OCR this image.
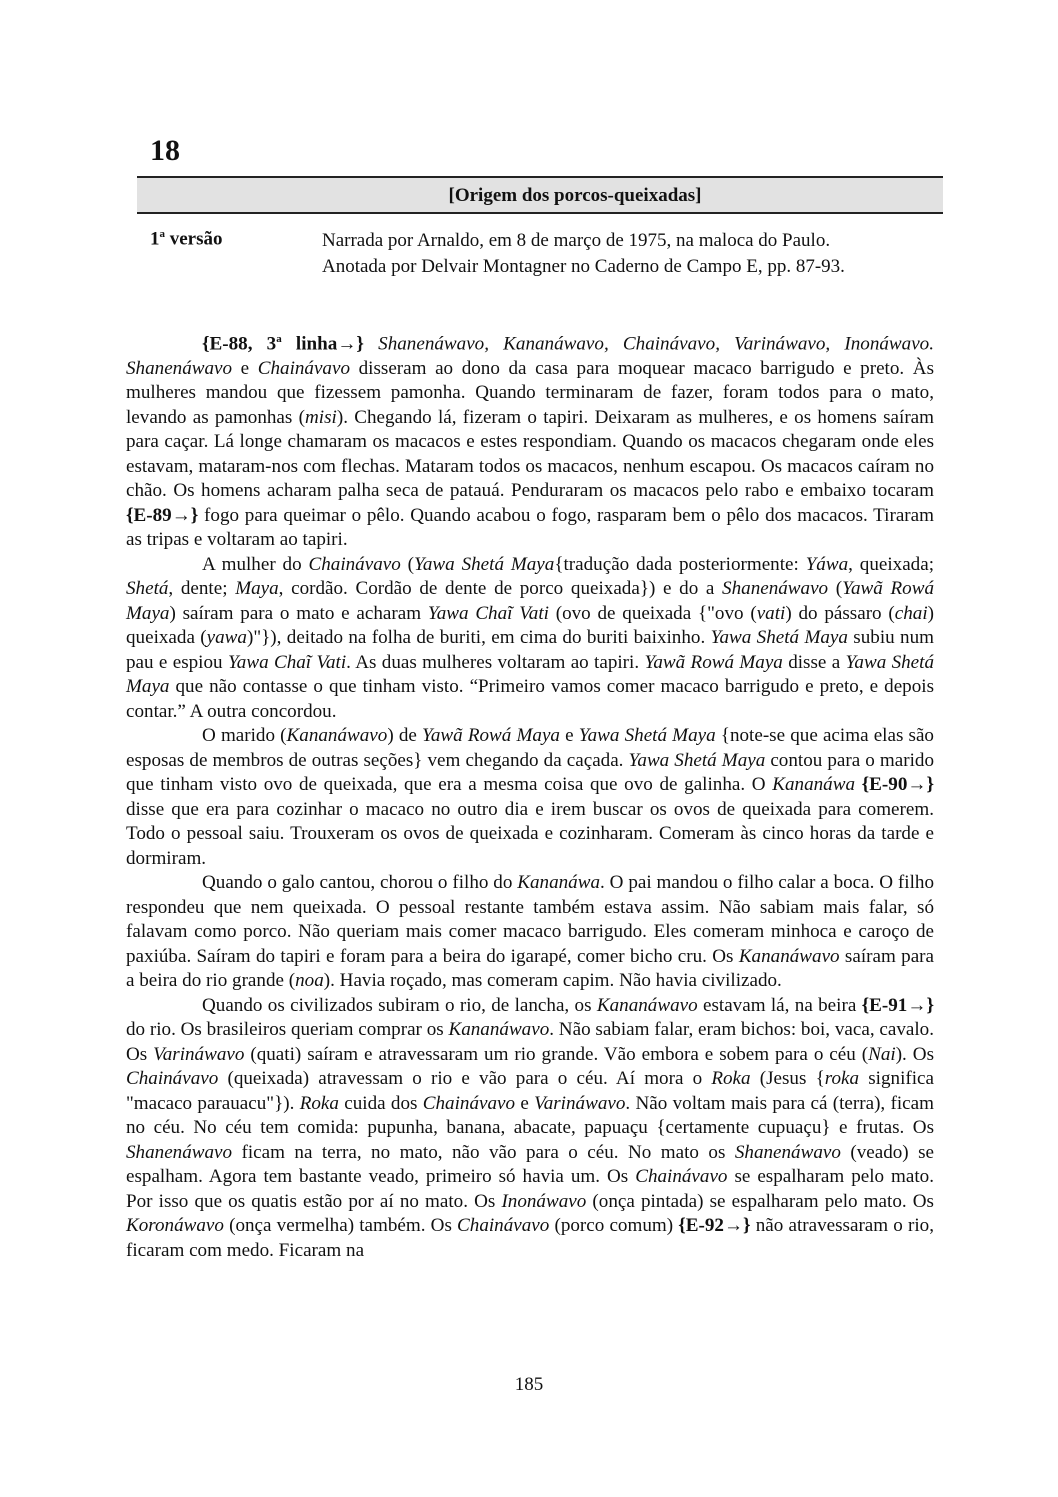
18
[Origem dos porcos-queixadas]
1$^a$ versão	Narrada por Arnaldo, em 8 de março de 1975, na maloca do Paulo.
Anotada por Delvair Montagner no Caderno de Campo E, pp. 87-93.

{E-88, 3$^a$ linha→} Shanenáwavo, Kananáwavo, Chainávavo, Varináwavo, Inonáwavo. Shanenáwavo e Chainávavo disseram ao dono da casa para moquear macaco barrigudo e preto. Às mulheres mandou que fizessem pamonha. Quando terminaram de fazer, foram todos para o mato, levando as pamonhas (misi). Chegando lá, fizeram o tapiri. Deixaram as mulheres, e os homens saíram para caçar. Lá longe chamaram os macacos e estes respondiam. Quando os macacos chegaram onde eles estavam, mataram-nos com flechas. Mataram todos os macacos, nenhum escapou. Os macacos caíram no chão. Os homens acharam palha seca de patauá. Penduraram os macacos pelo rabo e embaixo tocaram {E-89→} fogo para queimar o pêlo. Quando acabou o fogo, rasparam bem o pêlo dos macacos. Tiraram as tripas e voltaram ao tapiri.

A mulher do Chainávavo (Yawa Shetá Maya{tradução dada posteriormente: Yáwa, queixada; Shetá, dente; Maya, cordão. Cordão de dente de porco queixada}) e do a Shanenáwavo (Yawã Rowá Maya) saíram para o mato e acharam Yawa Chaĩ Vati (ovo de queixada {"ovo (vati) do pássaro (chai) queixada (yawa)"}), deitado na folha de buriti, em cima do buriti baixinho. Yawa Shetá Maya subiu num pau e espiou Yawa Chaĩ Vati. As duas mulheres voltaram ao tapiri. Yawã Rowá Maya disse a Yawa Shetá Maya que não contasse o que tinham visto. “Primeiro vamos comer macaco barrigudo e preto, e depois contar.” A outra concordou.

O marido (Kananáwavo) de Yawã Rowá Maya e Yawa Shetá Maya {note-se que acima elas são esposas de membros de outras seções} vem chegando da caçada. Yawa Shetá Maya contou para o marido que tinham visto ovo de queixada, que era a mesma coisa que ovo de galinha. O Kananáwa {E-90→} disse que era para cozinhar o macaco no outro dia e irem buscar os ovos de queixada para comerem. Todo o pessoal saiu. Trouxeram os ovos de queixada e cozinharam. Comeram às cinco horas da tarde e dormiram.

Quando o galo cantou, chorou o filho do Kananáwa. O pai mandou o filho calar a boca. O filho respondeu que nem queixada. O pessoal restante também estava assim. Não sabiam mais falar, só falavam como porco. Não queriam mais comer macaco barrigudo. Eles comeram minhoca e caroço de paxiúba. Saíram do tapiri e foram para a beira do igarapé, comer bicho cru. Os Kananáwavo saíram para a beira do rio grande (noa). Havia roçado, mas comeram capim. Não havia civilizado.

Quando os civilizados subiram o rio, de lancha, os Kananáwavo estavam lá, na beira {E-91→} do rio. Os brasileiros queriam comprar os Kananáwavo. Não sabiam falar, eram bichos: boi, vaca, cavalo. Os Varináwavo (quati) saíram e atravessaram um rio grande. Vão embora e sobem para o céu (Nai). Os Chainávavo (queixada) atravessam o rio e vão para o céu. Aí mora o Roka (Jesus {roka significa "macaco parauacu"}). Roka cuida dos Chainávavo e Varináwavo. Não voltam mais para cá (terra), ficam no céu. No céu tem comida: pupunha, banana, abacate, papuaçu {certamente cupuaçu} e frutas. Os Shanenáwavo ficam na terra, no mato, não vão para o céu. No mato os Shanenáwavo (veado) se espalham. Agora tem bastante veado, primeiro só havia um. Os Chainávavo se espalharam pelo mato. Por isso que os quatis estão por aí no mato. Os Inonáwavo (onça pintada) se espalharam pelo mato. Os Koronáwavo (onça vermelha) também. Os Chainávavo (porco comum) {E-92→} não atravessaram o rio, ficaram com medo. Ficaram na

185
